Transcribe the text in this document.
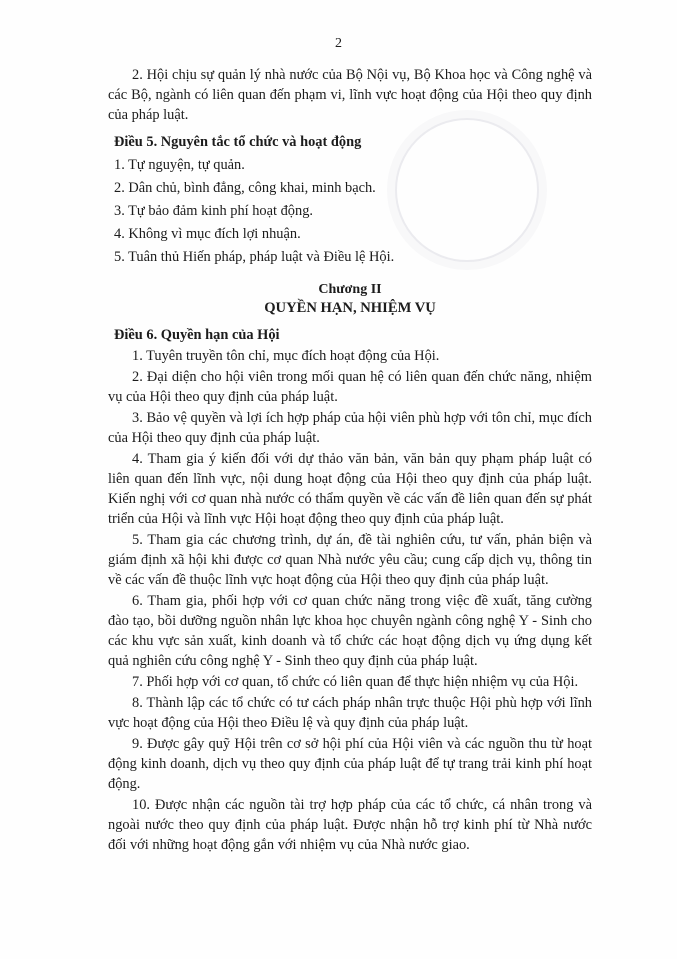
2

2. Hội chịu sự quản lý nhà nước của Bộ Nội vụ, Bộ Khoa học và Công nghệ và các Bộ, ngành có liên quan đến phạm vi, lĩnh vực hoạt động của Hội theo quy định của pháp luật.

Điều 5. Nguyên tắc tổ chức và hoạt động

1. Tự nguyện, tự quản.

2. Dân chủ, bình đẳng, công khai, minh bạch.

3. Tự bảo đảm kinh phí hoạt động.

4. Không vì mục đích lợi nhuận.

5. Tuân thủ Hiến pháp, pháp luật và Điều lệ Hội.

Chương II
QUYỀN HẠN, NHIỆM VỤ

Điều 6. Quyền hạn của Hội

1. Tuyên truyền tôn chỉ, mục đích hoạt động của Hội.

2. Đại diện cho hội viên trong mối quan hệ có liên quan đến chức năng, nhiệm vụ của Hội theo quy định của pháp luật.

3. Bảo vệ quyền và lợi ích hợp pháp của hội viên phù hợp với tôn chỉ, mục đích của Hội theo quy định của pháp luật.

4. Tham gia ý kiến đối với dự thảo văn bản, văn bản quy phạm pháp luật có liên quan đến lĩnh vực, nội dung hoạt động của Hội theo quy định của pháp luật. Kiến nghị với cơ quan nhà nước có thẩm quyền về các vấn đề liên quan đến sự phát triển của Hội và lĩnh vực Hội hoạt động theo quy định của pháp luật.

5. Tham gia các chương trình, dự án, đề tài nghiên cứu, tư vấn, phản biện và giám định xã hội khi được cơ quan Nhà nước yêu cầu; cung cấp dịch vụ, thông tin về các vấn đề thuộc lĩnh vực hoạt động của Hội theo quy định của pháp luật.

6. Tham gia, phối hợp với cơ quan chức năng trong việc đề xuất, tăng cường đào tạo, bồi dưỡng nguồn nhân lực khoa học chuyên ngành công nghệ Y - Sinh cho các khu vực sản xuất, kinh doanh và tổ chức các hoạt động dịch vụ ứng dụng kết quả nghiên cứu công nghệ Y - Sinh theo quy định của pháp luật.

7. Phối hợp với cơ quan, tổ chức có liên quan để thực hiện nhiệm vụ của Hội.

8. Thành lập các tổ chức có tư cách pháp nhân trực thuộc Hội phù hợp với lĩnh vực hoạt động của Hội theo Điều lệ và quy định của pháp luật.

9. Được gây quỹ Hội trên cơ sở hội phí của Hội viên và các nguồn thu từ hoạt động kinh doanh, dịch vụ theo quy định của pháp luật để tự trang trải kinh phí hoạt động.

10. Được nhận các nguồn tài trợ hợp pháp của các tổ chức, cá nhân trong và ngoài nước theo quy định của pháp luật. Được nhận hỗ trợ kinh phí từ Nhà nước đối với những hoạt động gắn với nhiệm vụ của Nhà nước giao.
